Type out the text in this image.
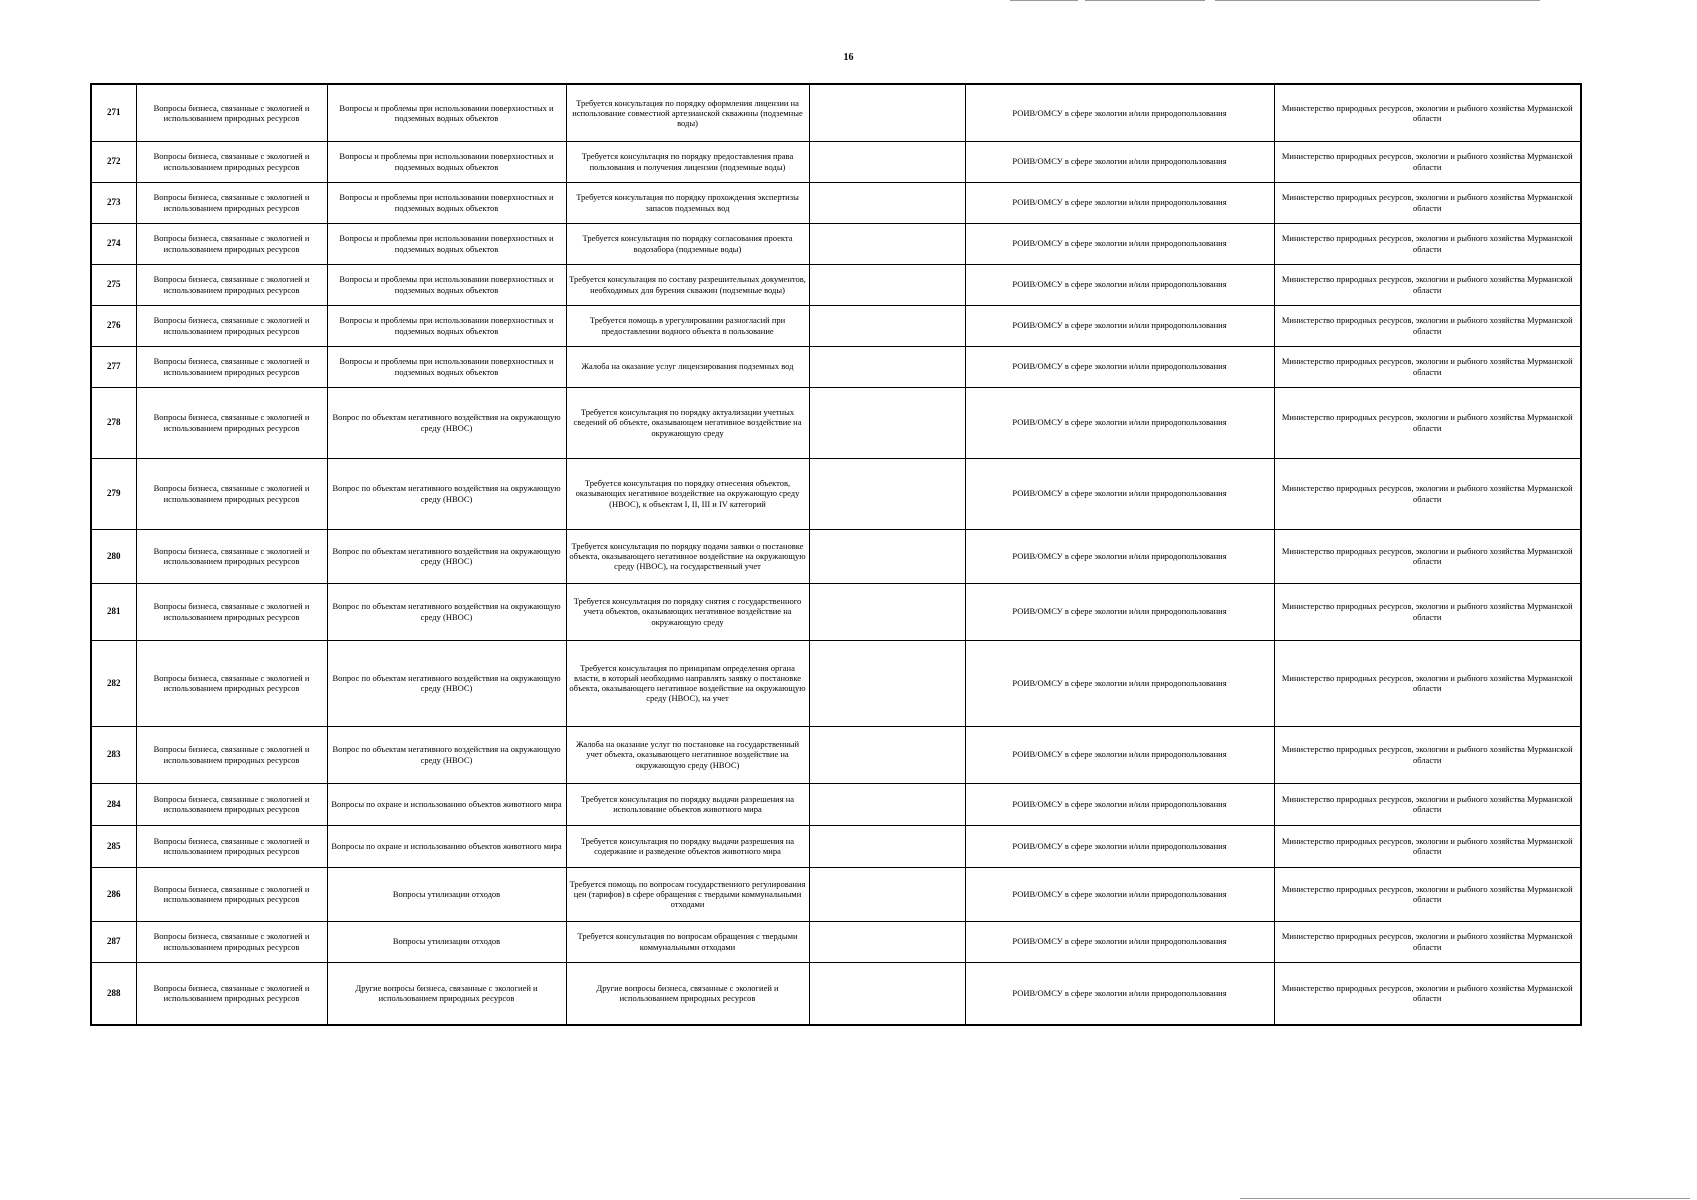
16
271	Вопросы бизнеса, связанные с экологией и использованием природных ресурсов	Вопросы и проблемы при использовании поверхностных и подземных водных объектов	Требуется консультация по порядку оформления лицензии на использование совместной артезианской скважины (подземные воды)		РОИВ/ОМСУ в сфере экологии и/или природопользования	Министерство природных ресурсов, экологии и рыбного хозяйства Мурманской области
272	Вопросы бизнеса, связанные с экологией и использованием природных ресурсов	Вопросы и проблемы при использовании поверхностных и подземных водных объектов	Требуется консультация по порядку предоставления права пользования и получения лицензии (подземные воды)		РОИВ/ОМСУ в сфере экологии и/или природопользования	Министерство природных ресурсов, экологии и рыбного хозяйства Мурманской области
273	Вопросы бизнеса, связанные с экологией и использованием природных ресурсов	Вопросы и проблемы при использовании поверхностных и подземных водных объектов	Требуется консультация по порядку прохождения экспертизы запасов подземных вод		РОИВ/ОМСУ в сфере экологии и/или природопользования	Министерство природных ресурсов, экологии и рыбного хозяйства Мурманской области
274	Вопросы бизнеса, связанные с экологией и использованием природных ресурсов	Вопросы и проблемы при использовании поверхностных и подземных водных объектов	Требуется консультация по порядку согласования проекта водозабора (подземные воды)		РОИВ/ОМСУ в сфере экологии и/или природопользования	Министерство природных ресурсов, экологии и рыбного хозяйства Мурманской области
275	Вопросы бизнеса, связанные с экологией и использованием природных ресурсов	Вопросы и проблемы при использовании поверхностных и подземных водных объектов	Требуется консультация по составу разрешительных документов, необходимых для бурения скважин (подземные воды)		РОИВ/ОМСУ в сфере экологии и/или природопользования	Министерство природных ресурсов, экологии и рыбного хозяйства Мурманской области
276	Вопросы бизнеса, связанные с экологией и использованием природных ресурсов	Вопросы и проблемы при использовании поверхностных и подземных водных объектов	Требуется помощь в урегулировании разногласий при предоставлении водного объекта в пользование		РОИВ/ОМСУ в сфере экологии и/или природопользования	Министерство природных ресурсов, экологии и рыбного хозяйства Мурманской области
277	Вопросы бизнеса, связанные с экологией и использованием природных ресурсов	Вопросы и проблемы при использовании поверхностных и подземных водных объектов	Жалоба на оказание услуг лицензирования подземных вод		РОИВ/ОМСУ в сфере экологии и/или природопользования	Министерство природных ресурсов, экологии и рыбного хозяйства Мурманской области
278	Вопросы бизнеса, связанные с экологией и использованием природных ресурсов	Вопрос по объектам негативного воздействия на окружающую среду (НВОС)	Требуется консультация по порядку актуализации учетных сведений об объекте, оказывающем негативное воздействие на окружающую среду		РОИВ/ОМСУ в сфере экологии и/или природопользования	Министерство природных ресурсов, экологии и рыбного хозяйства Мурманской области
279	Вопросы бизнеса, связанные с экологией и использованием природных ресурсов	Вопрос по объектам негативного воздействия на окружающую среду (НВОС)	Требуется консультация по порядку отнесения объектов, оказывающих негативное воздействие на окружающую среду (НВОС), к объектам I, II, III и IV категорий		РОИВ/ОМСУ в сфере экологии и/или природопользования	Министерство природных ресурсов, экологии и рыбного хозяйства Мурманской области
280	Вопросы бизнеса, связанные с экологией и использованием природных ресурсов	Вопрос по объектам негативного воздействия на окружающую среду (НВОС)	Требуется консультация по порядку подачи заявки о постановке объекта, оказывающего негативное воздействие на окружающую среду (НВОС), на государственный учет		РОИВ/ОМСУ в сфере экологии и/или природопользования	Министерство природных ресурсов, экологии и рыбного хозяйства Мурманской области
281	Вопросы бизнеса, связанные с экологией и использованием природных ресурсов	Вопрос по объектам негативного воздействия на окружающую среду (НВОС)	Требуется консультация по порядку снятия с государственного учета объектов, оказывающих негативное воздействие на окружающую среду		РОИВ/ОМСУ в сфере экологии и/или природопользования	Министерство природных ресурсов, экологии и рыбного хозяйства Мурманской области
282	Вопросы бизнеса, связанные с экологией и использованием природных ресурсов	Вопрос по объектам негативного воздействия на окружающую среду (НВОС)	Требуется консультация по принципам определения органа власти, в который необходимо направлять заявку о постановке объекта, оказывающего негативное воздействие на окружающую среду (НВОС), на учет		РОИВ/ОМСУ в сфере экологии и/или природопользования	Министерство природных ресурсов, экологии и рыбного хозяйства Мурманской области
283	Вопросы бизнеса, связанные с экологией и использованием природных ресурсов	Вопрос по объектам негативного воздействия на окружающую среду (НВОС)	Жалоба на оказание услуг по постановке на государственный учет объекта, оказывающего негативное воздействие на окружающую среду (НВОС)		РОИВ/ОМСУ в сфере экологии и/или природопользования	Министерство природных ресурсов, экологии и рыбного хозяйства Мурманской области
284	Вопросы бизнеса, связанные с экологией и использованием природных ресурсов	Вопросы по охране и использованию объектов животного мира	Требуется консультация по порядку выдачи разрешения на использование объектов животного мира		РОИВ/ОМСУ в сфере экологии и/или природопользования	Министерство природных ресурсов, экологии и рыбного хозяйства Мурманской области
285	Вопросы бизнеса, связанные с экологией и использованием природных ресурсов	Вопросы по охране и использованию объектов животного мира	Требуется консультация по порядку выдачи разрешения на содержание и разведение объектов животного мира		РОИВ/ОМСУ в сфере экологии и/или природопользования	Министерство природных ресурсов, экологии и рыбного хозяйства Мурманской области
286	Вопросы бизнеса, связанные с экологией и использованием природных ресурсов	Вопросы утилизации отходов	Требуется помощь по вопросам государственного регулирования цен (тарифов) в сфере обращения с твердыми коммунальными отходами		РОИВ/ОМСУ в сфере экологии и/или природопользования	Министерство природных ресурсов, экологии и рыбного хозяйства Мурманской области
287	Вопросы бизнеса, связанные с экологией и использованием природных ресурсов	Вопросы утилизации отходов	Требуется консультация по вопросам обращения с твердыми коммунальными отходами		РОИВ/ОМСУ в сфере экологии и/или природопользования	Министерство природных ресурсов, экологии и рыбного хозяйства Мурманской области
288	Вопросы бизнеса, связанные с экологией и использованием природных ресурсов	Другие вопросы бизнеса, связанные с экологией и использованием природных ресурсов	Другие вопросы бизнеса, связанные с экологией и использованием природных ресурсов		РОИВ/ОМСУ в сфере экологии и/или природопользования	Министерство природных ресурсов, экологии и рыбного хозяйства Мурманской области
